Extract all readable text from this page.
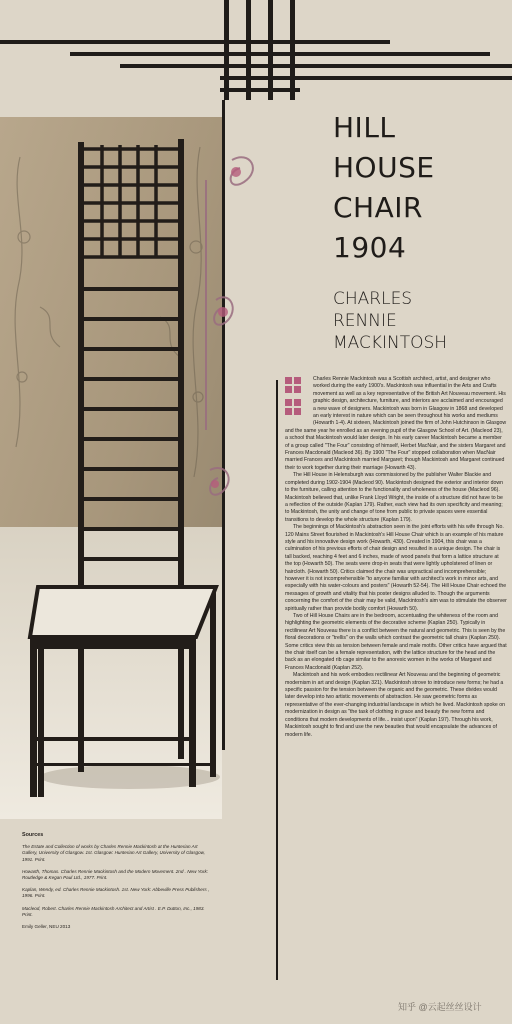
HILL
HOUSE
CHAIR
1904
CHARLES
RENNIE
MACKINTOSH

Charles Rennie Mackintosh was a Scottish architect, artist, and designer who worked during the early 1900's. Mackintosh was influential in the Arts and Crafts movement as well as a key representative of the British Art Nouveau movement. His graphic design, architecture, furniture, and interiors are acclaimed and encouraged a new wave of designers. Mackintosh was born in Glasgow in 1868 and developed an early interest in nature which can be seen throughout his works and mediums (Howarth 1-4). At sixteen, Mackintosh joined the firm of John Hutchinson in Glasgow and the same year he enrolled as an evening pupil of the Glasgow School of Art. (Macleod 23), a school that Mackintosh would later design. In his early career Mackintosh became a member of a group called "The Four" consisting of himself, Herbet MacNair, and the sisters Margaret and Frances Macdonald (Macleod 36). By 1900 "The Four" stopped collaboration when MacNair married Frances and Mackintosh married Margaret; though Mackintosh and Margaret continued their to work together during their marriage (Howarth 43).

The Hill House in Helensburgh was commissioned by the publisher Walter Blackie and completed during 1902-1904 (Macleod 90). Mackintosh designed the exterior and interior down to the furniture, calling attention to the functionality and wholeness of the house (Macleod 96). Mackintosh believed that, unlike Frank Lloyd Wright, the inside of a structure did not have to be a reflection of the outside (Kaplan 179). Rather, each view had its own specificity and meaning; to Mackintosh, the unity and change of tone from public to private spaces were essential transitions to develop the whole structure (Kaplan 179).

The beginnings of Mackintosh's abstraction seen in the joint efforts with his wife through No. 120 Mains Street flourished in Mackintosh's Hill House Chair which is an example of his mature style and his innovative design work (Howarth, 430). Created in 1904, this chair was a culmination of his previous efforts of chair design and resulted in a unique design. The chair is tall backed, reaching 4 feet and 6 inches, made of wood panels that form a lattice structure at the top (Howarth 50). The seats were drop-in seats that were lightly upholstered of linen or haircloth. (Howarth 50). Critics claimed the chair was unpractical and incomprehensible; however it is not incomprehensible "to anyone familiar with architect's work in minor arts, and especially with his water-colours and posters" (Howarth 52-54). The Hill House Chair echoed the messages of growth and vitality that his poster designs alluded to. Though the arguments concerning the comfort of the chair may be valid, Mackintosh's aim was to stimulate the observer spiritually rather than provide bodily comfort (Howarth 50).

Two of Hill House Chairs are in the bedroom, accentuating the whiteness of the room and highlighting the geometric elements of the decorative scheme (Kaplan 250). Typically in rectilinear Art Nouveau there is a conflict between the natural and geometric. This is seen by the floral decorations or "trellis" on the walls which contrast the geometric tall chairs (Kaplan 250). Some critics view this as tension between female and male motifs. Other critics have argued that the chair itself can be a female representation, with the lattice structure for the head and the back as an elongated rib cage similar to the anorexic women in the works of Margaret and Frances Macdonald (Kaplan 252).

Mackintosh and his work embodies rectilinear Art Nouveau and the beginning of geometric modernism in art and design (Kaplan 321). Mackintosh strove to introduce new forms; he had a specific passion for the tension between the organic and the geometric. These divides would later develop into two artistic movements of abstraction. He saw geometric forms as representative of the ever-changing industrial landscape in which he lived. Mackintosh spoke on modernization in design as "the task of clothing in grace and beauty the new forms and conditions that modern developments of life... insist upon" (Kaplan 197). Through his work, Mackintosh sought to find and use the new beauties that would encapsulate the advances of modern life.

Sources

The Estate and Collection of works by Charles Rennie Mackintosh at the Hunterian Art Gallery, University of Glasgow. 1st. Glasgow: Hunterian Art Gallery, University of Glasgow, 1991. Print.

Howarth, Thomas. Charles Rennie Mackintosh and the Modern Movement. 2nd . New York: Routledge & Kegan Paul Ltd., 1977. Print.

Kaplan, Wendy, ed. Charles Rennie Mackintosh. 1st. New York: Abbeville Press Publishers , 1996. Print.

Macleod, Robert. Charles Rennie Mackintosh Architect and Artist . E.P. Dutton, Inc., 1983. Print.

Emily Geller, NEU 2013

知乎 @云起丝丝设计
